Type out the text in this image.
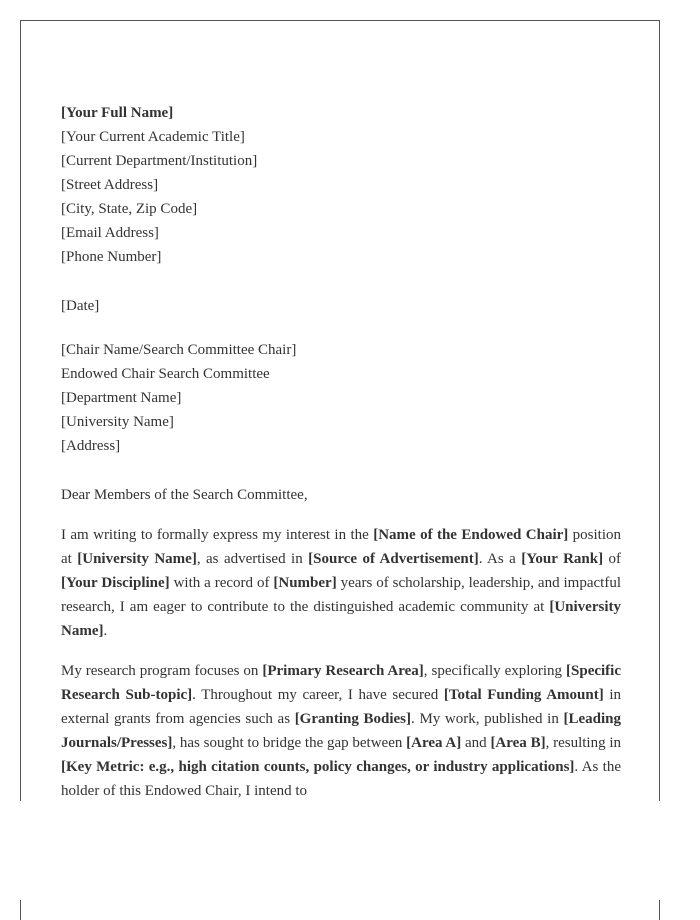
[Your Full Name]
[Your Current Academic Title]
[Current Department/Institution]
[Street Address]
[City, State, Zip Code]
[Email Address]
[Phone Number]
[Date]
[Chair Name/Search Committee Chair]
Endowed Chair Search Committee
[Department Name]
[University Name]
[Address]
Dear Members of the Search Committee,

I am writing to formally express my interest in the [Name of the Endowed Chair] position at [University Name], as advertised in [Source of Advertisement]. As a [Your Rank] of [Your Discipline] with a record of [Number] years of scholarship, leadership, and impactful research, I am eager to contribute to the distinguished academic community at [University Name].

My research program focuses on [Primary Research Area], specifically exploring [Specific Research Sub-topic]. Throughout my career, I have secured [Total Funding Amount] in external grants from agencies such as [Granting Bodies]. My work, published in [Leading Journals/Presses], has sought to bridge the gap between [Area A] and [Area B], resulting in [Key Metric: e.g., high citation counts, policy changes, or industry applications]. As the holder of this Endowed Chair, I intend to
